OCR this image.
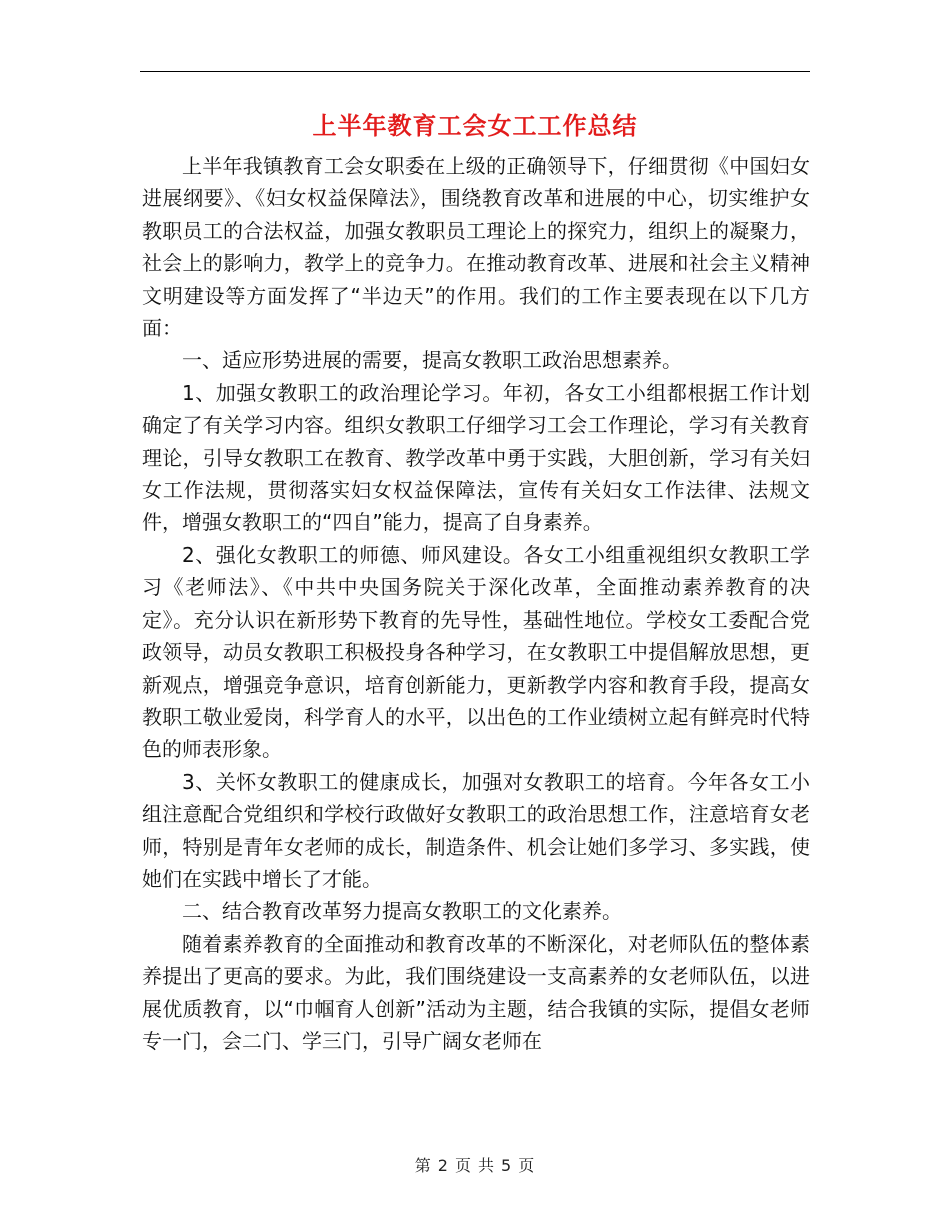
上半年教育工会女工工作总结

上半年我镇教育工会女职委在上级的正确领导下，仔细贯彻《中国妇女进展纲要》、《妇女权益保障法》，围绕教育改革和进展的中心，切实维护女教职员工的合法权益，加强女教职员工理论上的探究力，组织上的凝聚力，社会上的影响力，教学上的竞争力。在推动教育改革、进展和社会主义精神文明建设等方面发挥了“半边天”的作用。我们的工作主要表现在以下几方面：

一、适应形势进展的需要，提高女教职工政治思想素养。

1、加强女教职工的政治理论学习。年初，各女工小组都根据工作计划确定了有关学习内容。组织女教职工仔细学习工会工作理论，学习有关教育理论，引导女教职工在教育、教学改革中勇于实践，大胆创新，学习有关妇女工作法规，贯彻落实妇女权益保障法，宣传有关妇女工作法律、法规文件，增强女教职工的“四自”能力，提高了自身素养。

2、强化女教职工的师德、师风建设。各女工小组重视组织女教职工学习《老师法》、《中共中央国务院关于深化改革，全面推动素养教育的决定》。充分认识在新形势下教育的先导性，基础性地位。学校女工委配合党政领导，动员女教职工积极投身各种学习，在女教职工中提倡解放思想，更新观点，增强竞争意识，培育创新能力，更新教学内容和教育手段，提高女教职工敬业爱岗，科学育人的水平，以出色的工作业绩树立起有鲜亮时代特色的师表形象。

3、关怀女教职工的健康成长，加强对女教职工的培育。今年各女工小组注意配合党组织和学校行政做好女教职工的政治思想工作，注意培育女老师，特别是青年女老师的成长，制造条件、机会让她们多学习、多实践，使她们在实践中增长了才能。

二、结合教育改革努力提高女教职工的文化素养。

随着素养教育的全面推动和教育改革的不断深化，对老师队伍的整体素养提出了更高的要求。为此，我们围绕建设一支高素养的女老师队伍，以进展优质教育，以“巾帼育人创新”活动为主题，结合我镇的实际，提倡女老师专一门，会二门、学三门，引导广阔女老师在

第 2 页 共 5 页
